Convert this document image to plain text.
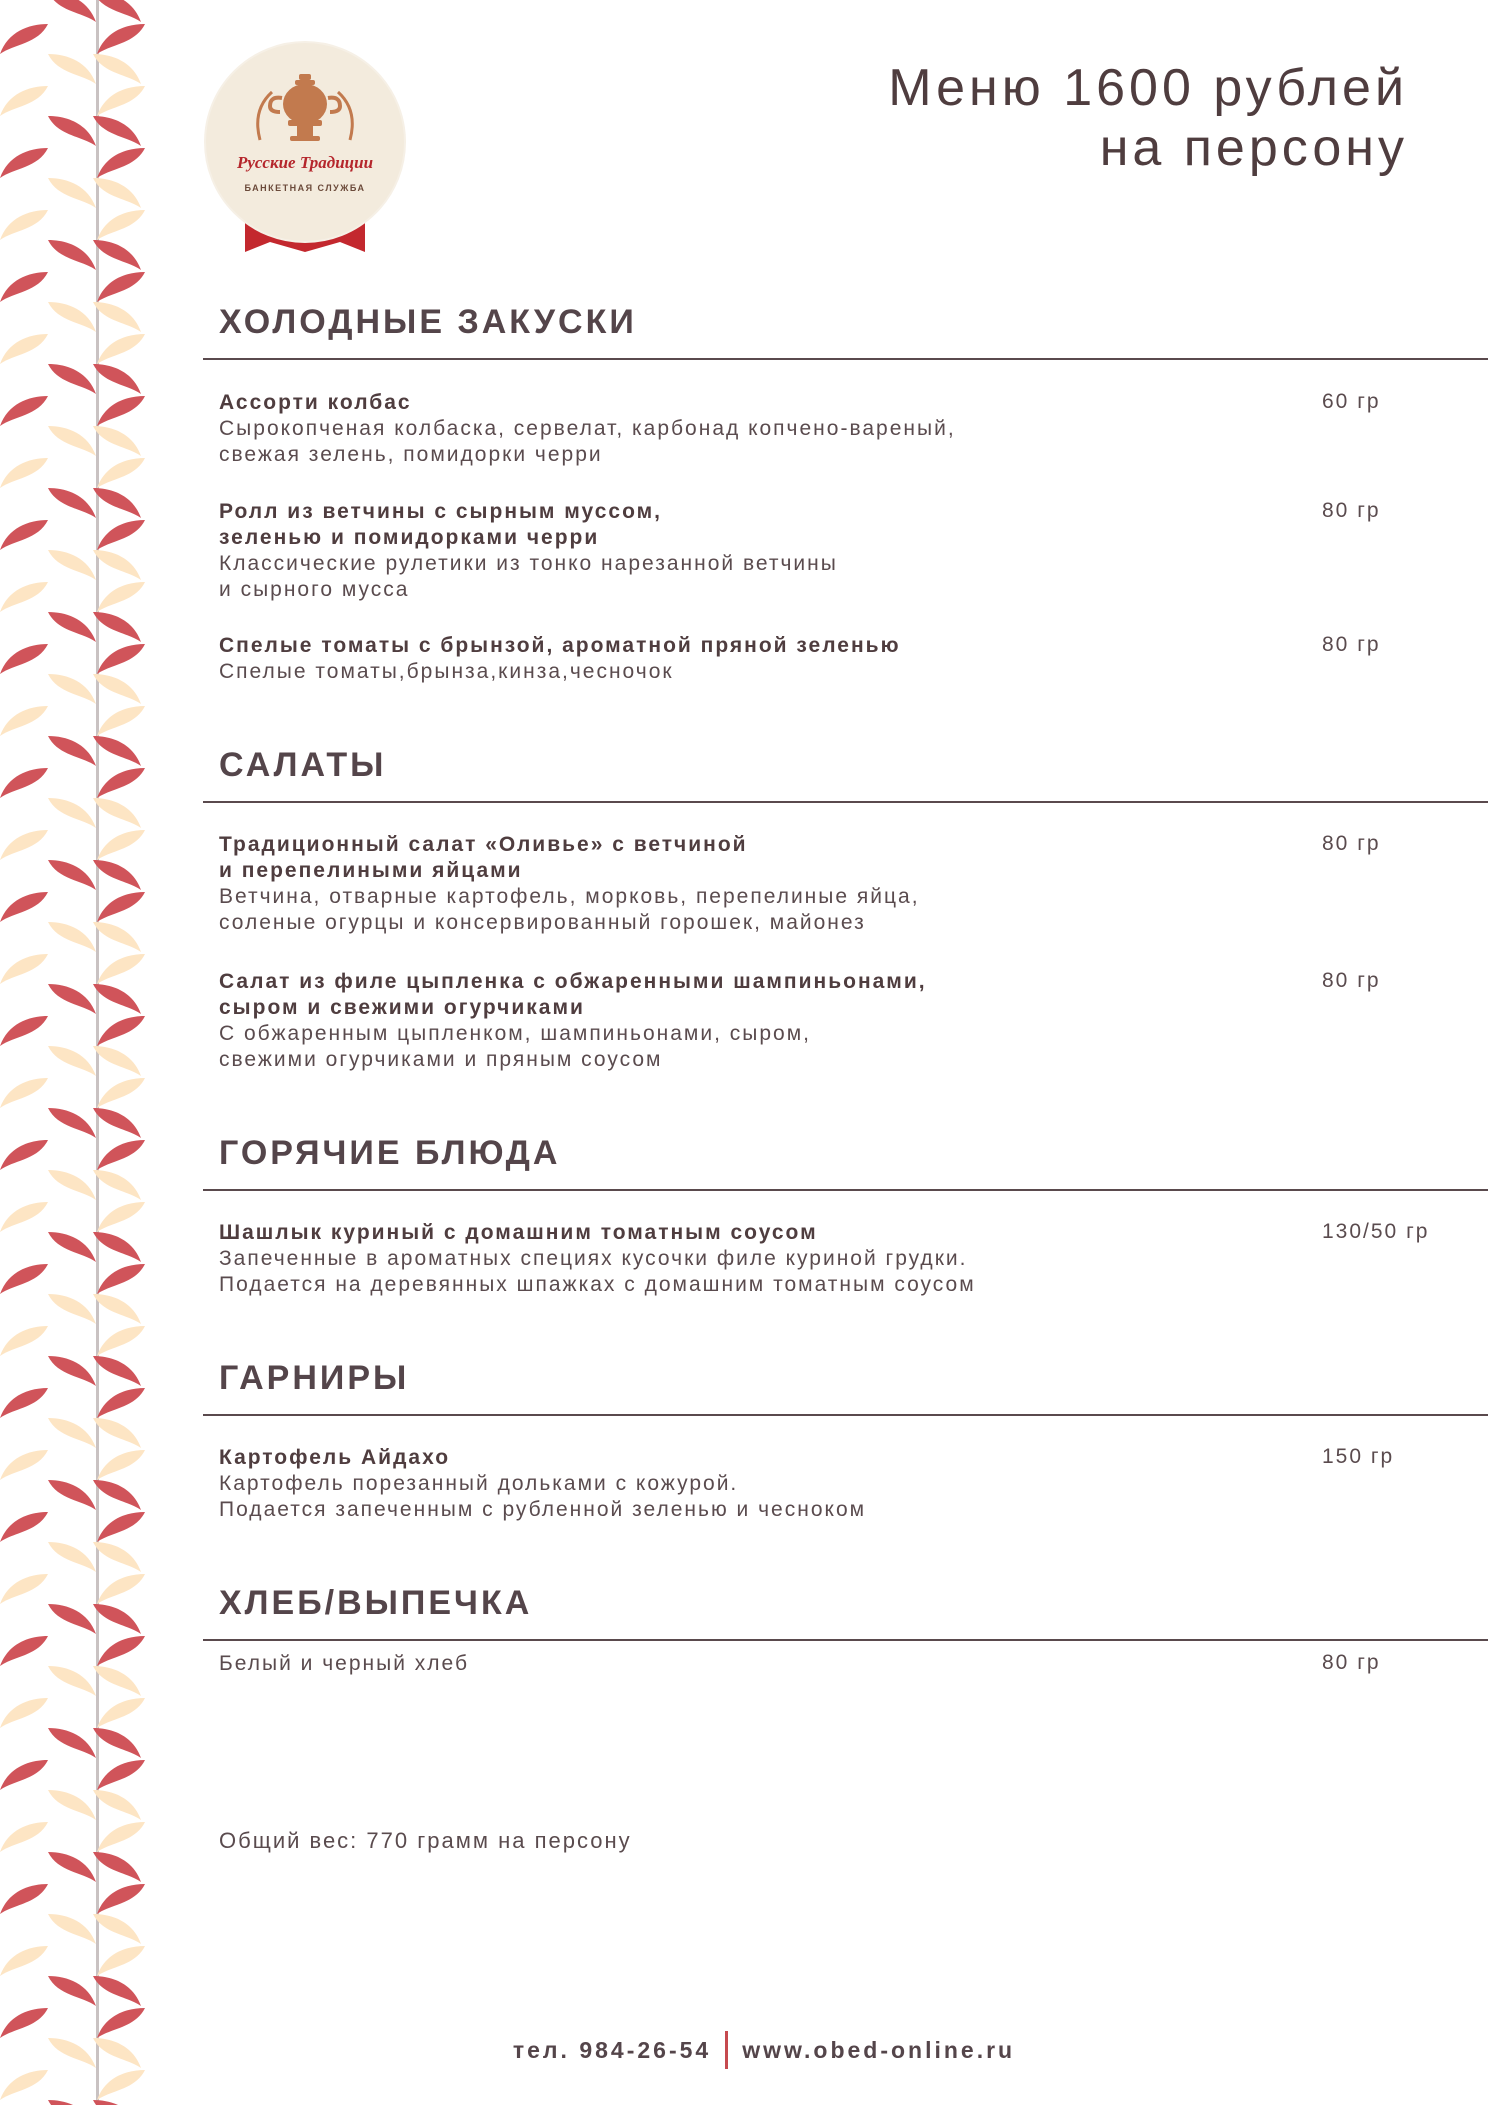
Русские Традиции
БАНКЕТНАЯ СЛУЖБА
Меню 1600 рублей
на персону
ХОЛОДНЫЕ ЗАКУСКИ
Ассорти колбас
Сырокопченая колбаска, сервелат, карбонад копчено-вареный,
свежая зелень, помидорки черри
60 гр
Ролл из ветчины с сырным муссом,
зеленью и помидорками черри
Классические рулетики из тонко нарезанной ветчины
и сырного мусса
80 гр
Спелые томаты с брынзой, ароматной пряной зеленью
Спелые томаты,брынза,кинза,чесночок
80 гр
САЛАТЫ
Традиционный салат «Оливье» с ветчиной
и перепелиными яйцами
Ветчина, отварные картофель, морковь, перепелиные яйца,
соленые огурцы и консервированный горошек, майонез
80 гр
Салат из филе цыпленка с обжаренными шампиньонами,
сыром и свежими огурчиками
С обжаренным цыпленком, шампиньонами, сыром,
свежими огурчиками и пряным соусом
80 гр
ГОРЯЧИЕ БЛЮДА
Шашлык куриный с домашним томатным соусом
Запеченные в ароматных специях кусочки филе куриной грудки.
Подается на деревянных шпажках с домашним томатным соусом
130/50 гр
ГАРНИРЫ
Картофель Айдахо
Картофель порезанный дольками с кожурой.
Подается запеченным с рубленной зеленью и чесноком
150 гр
ХЛЕБ/ВЫПЕЧКА
Белый и черный хлеб	80 гр
Общий вес: 770 грамм на персону
тел. 984-26-54 www.obed-online.ru
